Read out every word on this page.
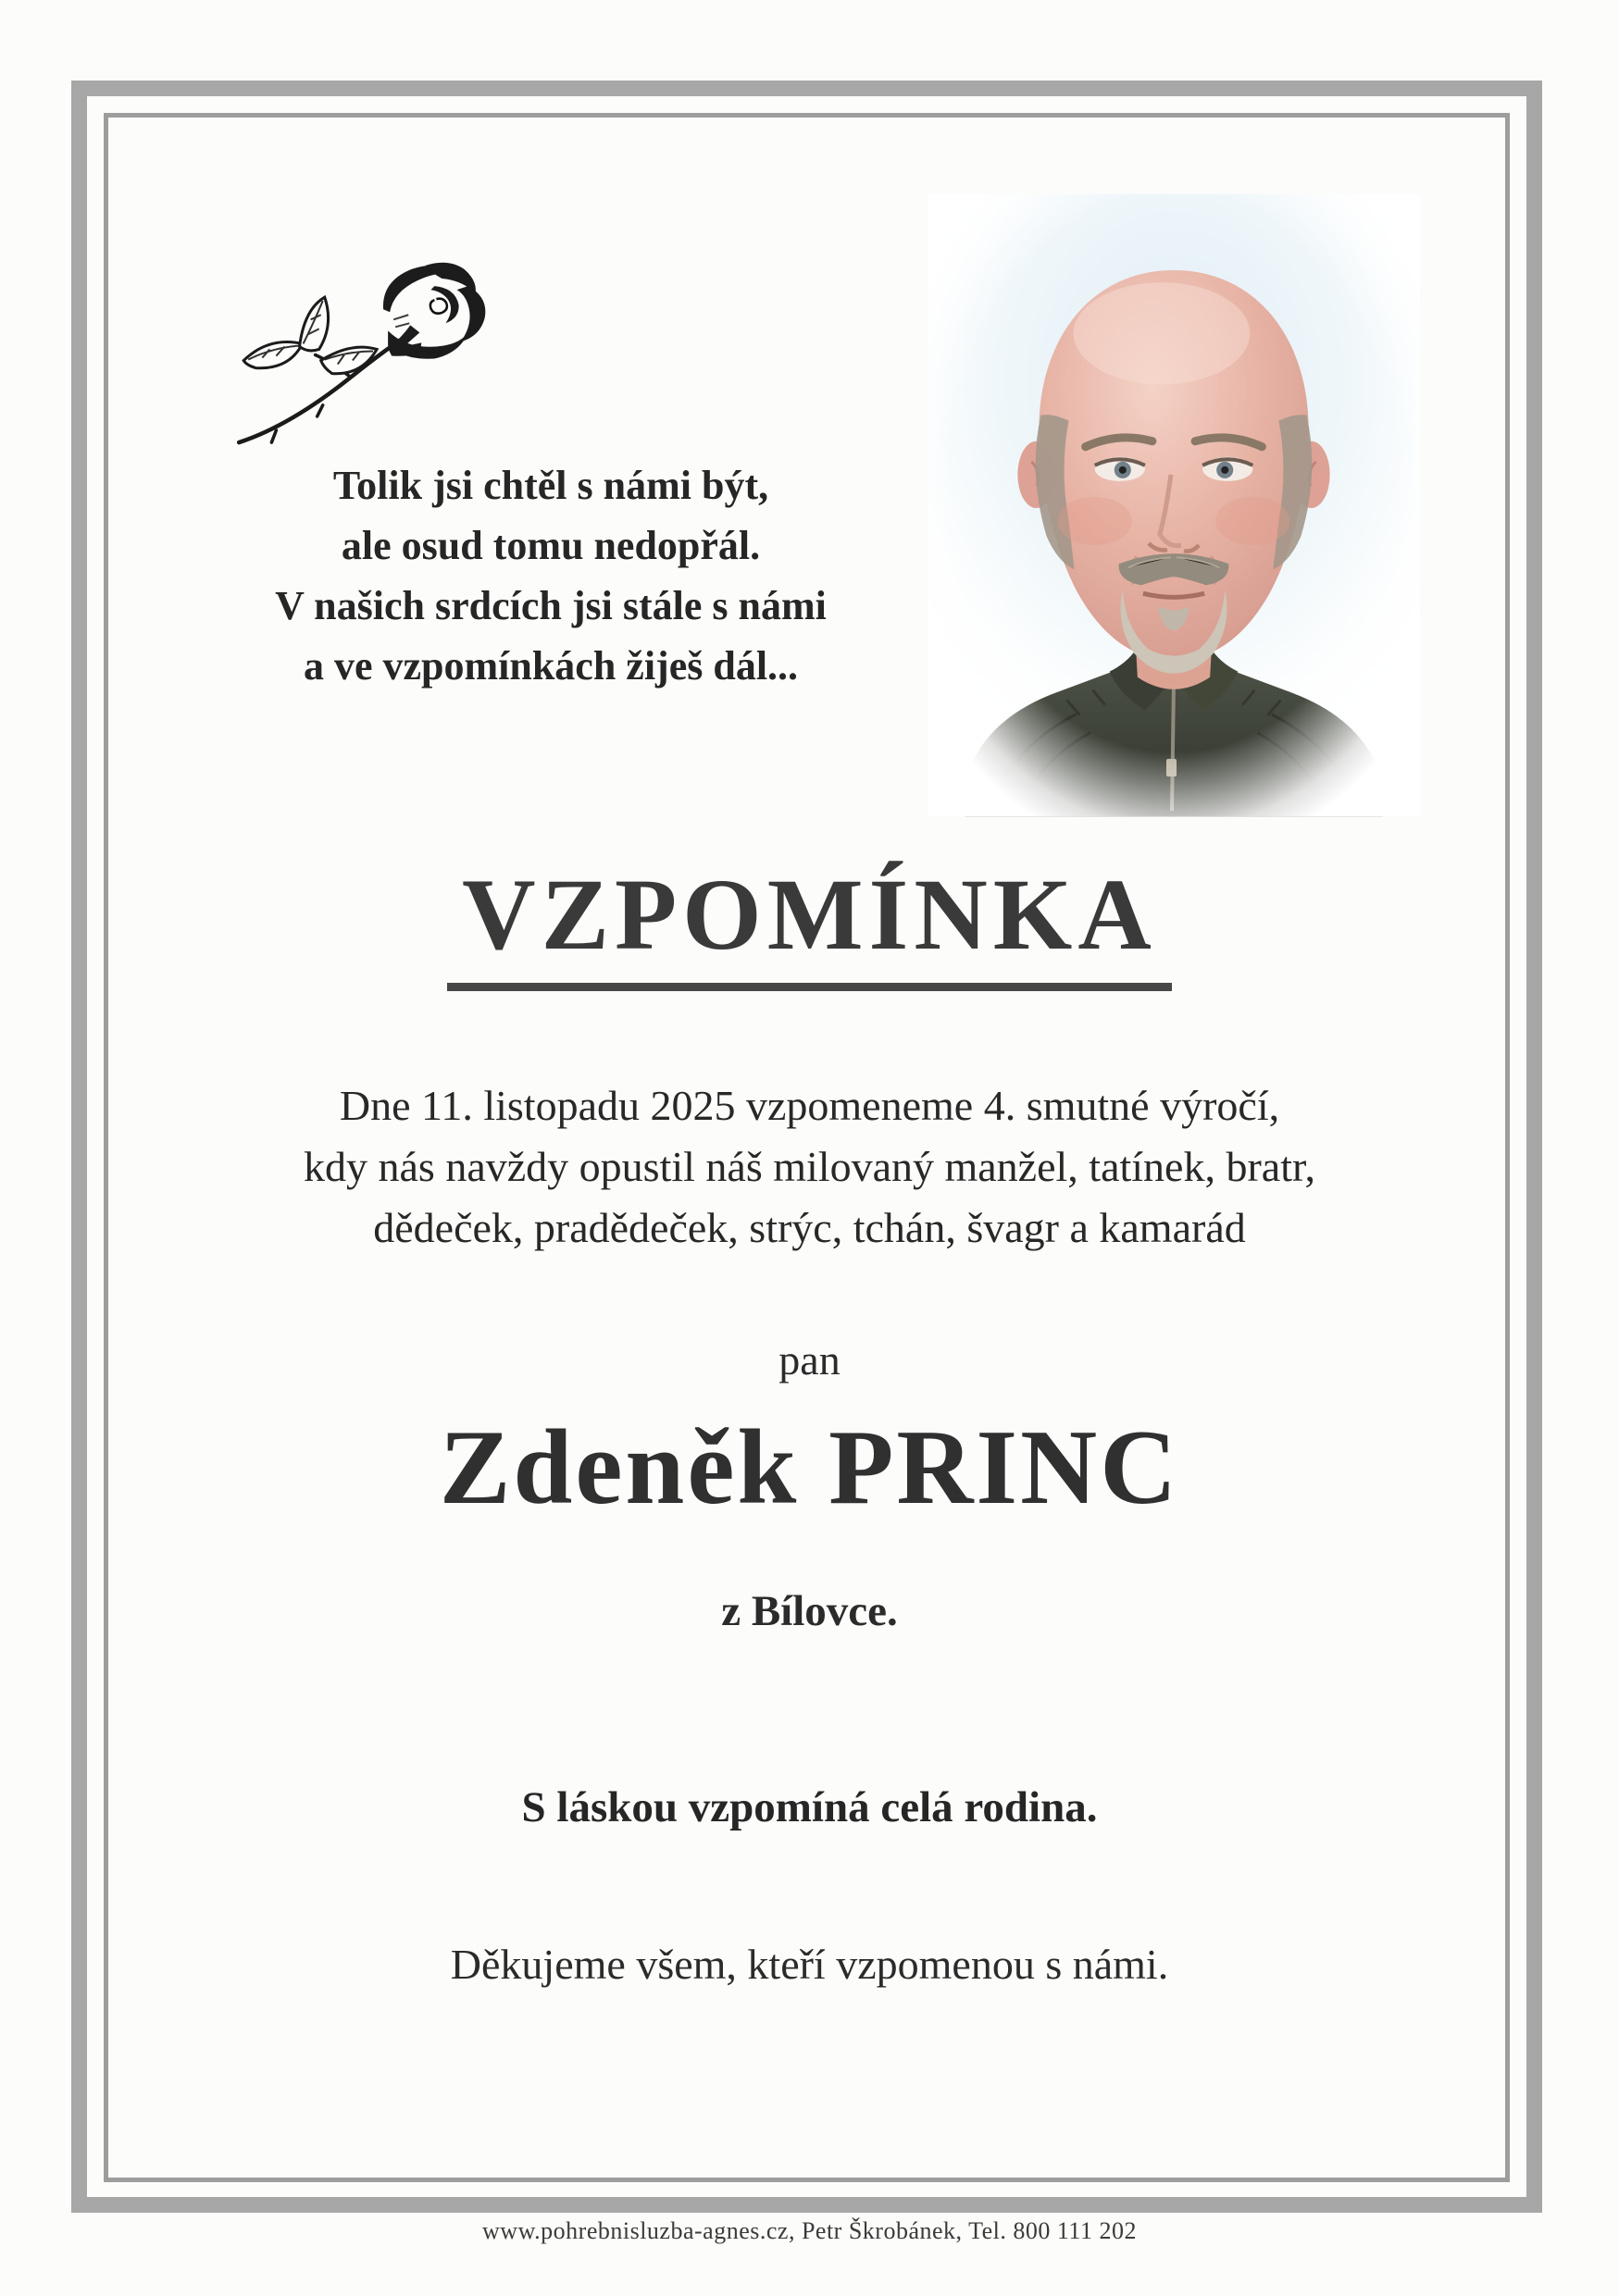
Tolik jsi chtěl s námi být,
ale osud tomu nedopřál.
V našich srdcích jsi stále s námi
a ve vzpomínkách žiješ dál...
VZPOMÍNKA
Dne 11. listopadu 2025 vzpomeneme 4. smutné výročí,
kdy nás navždy opustil náš milovaný manžel, tatínek, bratr,
dědeček, pradědeček, strýc, tchán, švagr a kamarád
pan
Zdeněk PRINC
z Bílovce.
S láskou vzpomíná celá rodina.
Děkujeme všem, kteří vzpomenou s námi.
www.pohrebnisluzba-agnes.cz, Petr Škrobánek, Tel. 800 111 202
